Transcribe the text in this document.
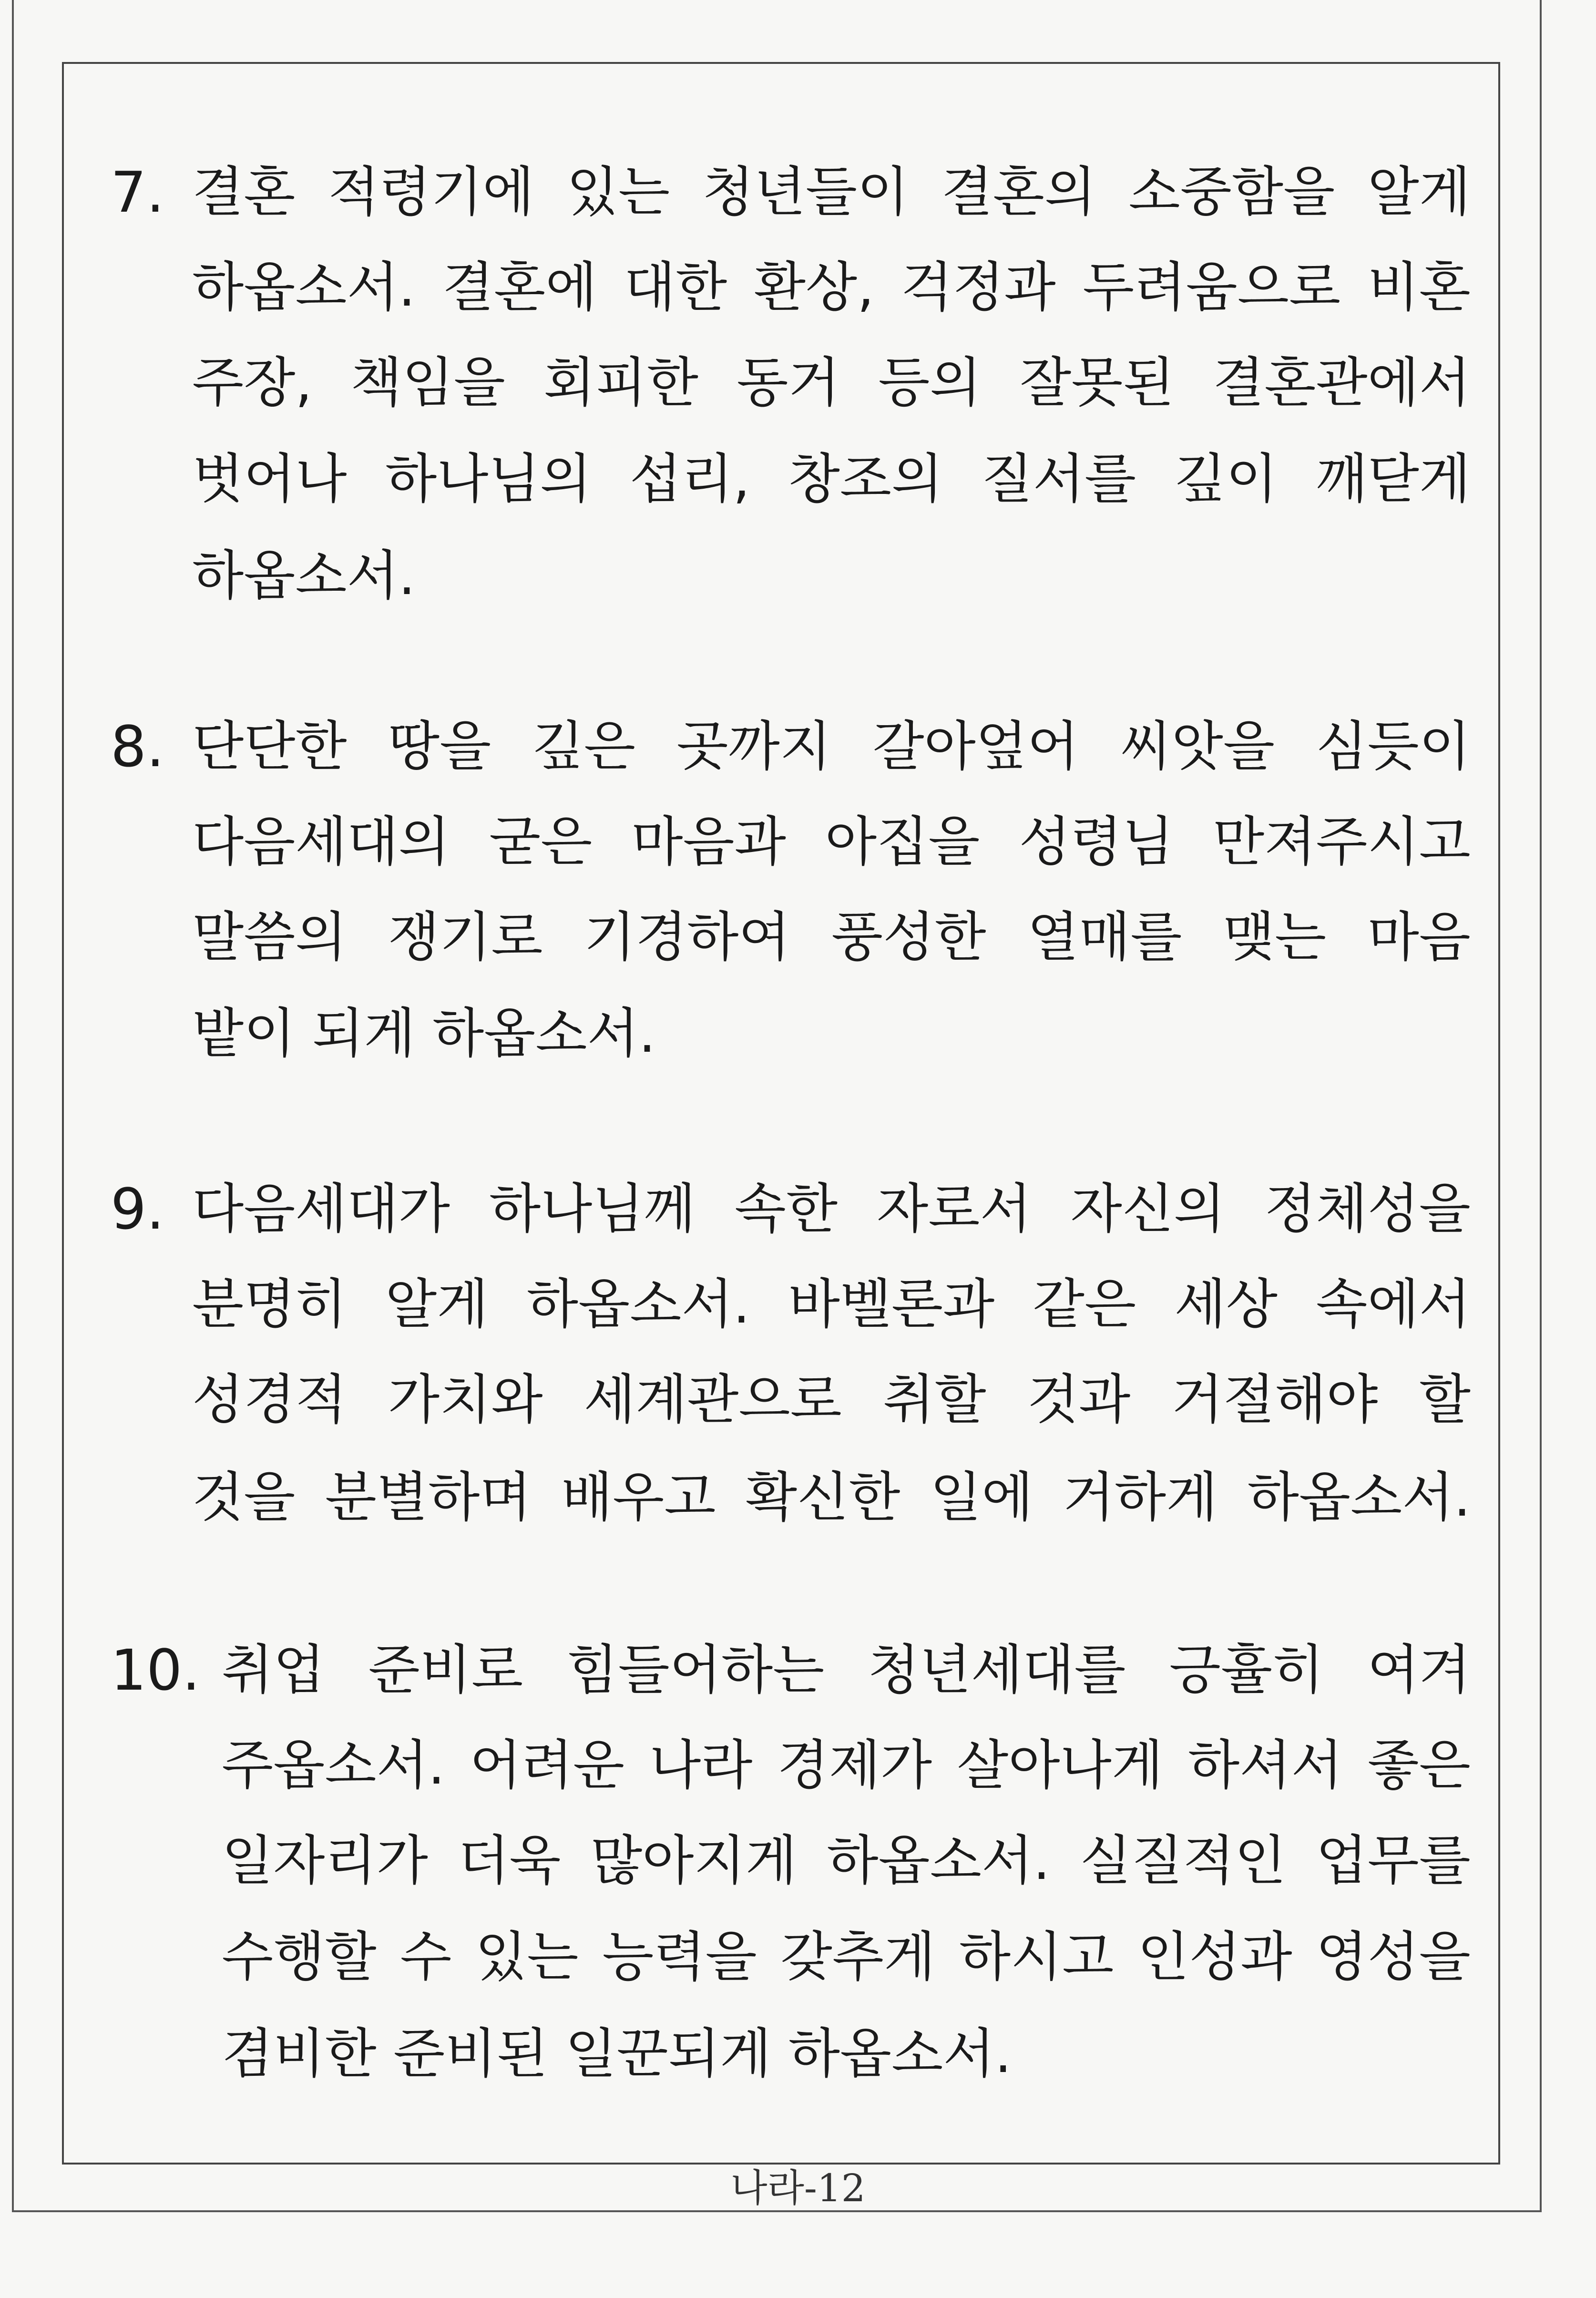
7. 결혼 적령기에 있는 청년들이 결혼의 소중함을 알게
하옵소서. 결혼에 대한 환상, 걱정과 두려움으로 비혼
주장, 책임을 회피한 동거 등의 잘못된 결혼관에서
벗어나 하나님의 섭리, 창조의 질서를 깊이 깨닫게
하옵소서.
8. 단단한 땅을 깊은 곳까지 갈아엎어 씨앗을 심듯이
다음세대의 굳은 마음과 아집을 성령님 만져주시고
말씀의 쟁기로 기경하여 풍성한 열매를 맺는 마음
밭이 되게 하옵소서.
9. 다음세대가 하나님께 속한 자로서 자신의 정체성을
분명히 알게 하옵소서. 바벨론과 같은 세상 속에서
성경적 가치와 세계관으로 취할 것과 거절해야 할
것을 분별하며 배우고 확신한 일에 거하게 하옵소서.
10. 취업 준비로 힘들어하는 청년세대를 긍휼히 여겨
주옵소서. 어려운 나라 경제가 살아나게 하셔서 좋은
일자리가 더욱 많아지게 하옵소서. 실질적인 업무를
수행할 수 있는 능력을 갖추게 하시고 인성과 영성을
겸비한 준비된 일꾼되게 하옵소서.
나라-12
